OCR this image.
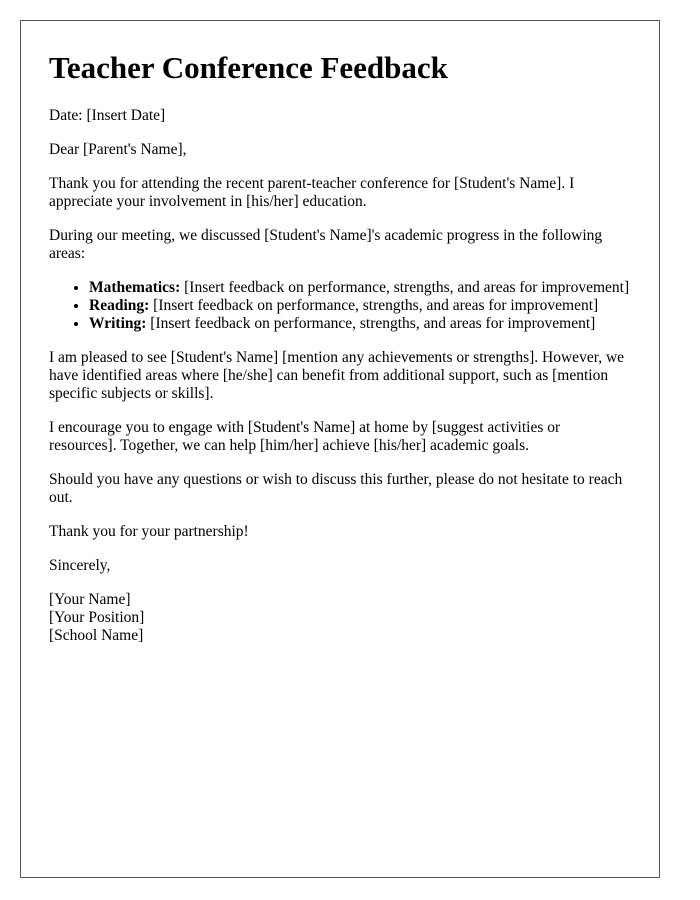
Teacher Conference Feedback

Date: [Insert Date]

Dear [Parent's Name],

Thank you for attending the recent parent-teacher conference for [Student's Name]. I appreciate your involvement in [his/her] education.

During our meeting, we discussed [Student's Name]'s academic progress in the following areas:

• Mathematics: [Insert feedback on performance, strengths, and areas for improvement]
• Reading: [Insert feedback on performance, strengths, and areas for improvement]
• Writing: [Insert feedback on performance, strengths, and areas for improvement]

I am pleased to see [Student's Name] [mention any achievements or strengths]. However, we have identified areas where [he/she] can benefit from additional support, such as [mention specific subjects or skills].

I encourage you to engage with [Student's Name] at home by [suggest activities or resources]. Together, we can help [him/her] achieve [his/her] academic goals.

Should you have any questions or wish to discuss this further, please do not hesitate to reach out.

Thank you for your partnership!

Sincerely,

[Your Name]

[Your Position]

[School Name]
